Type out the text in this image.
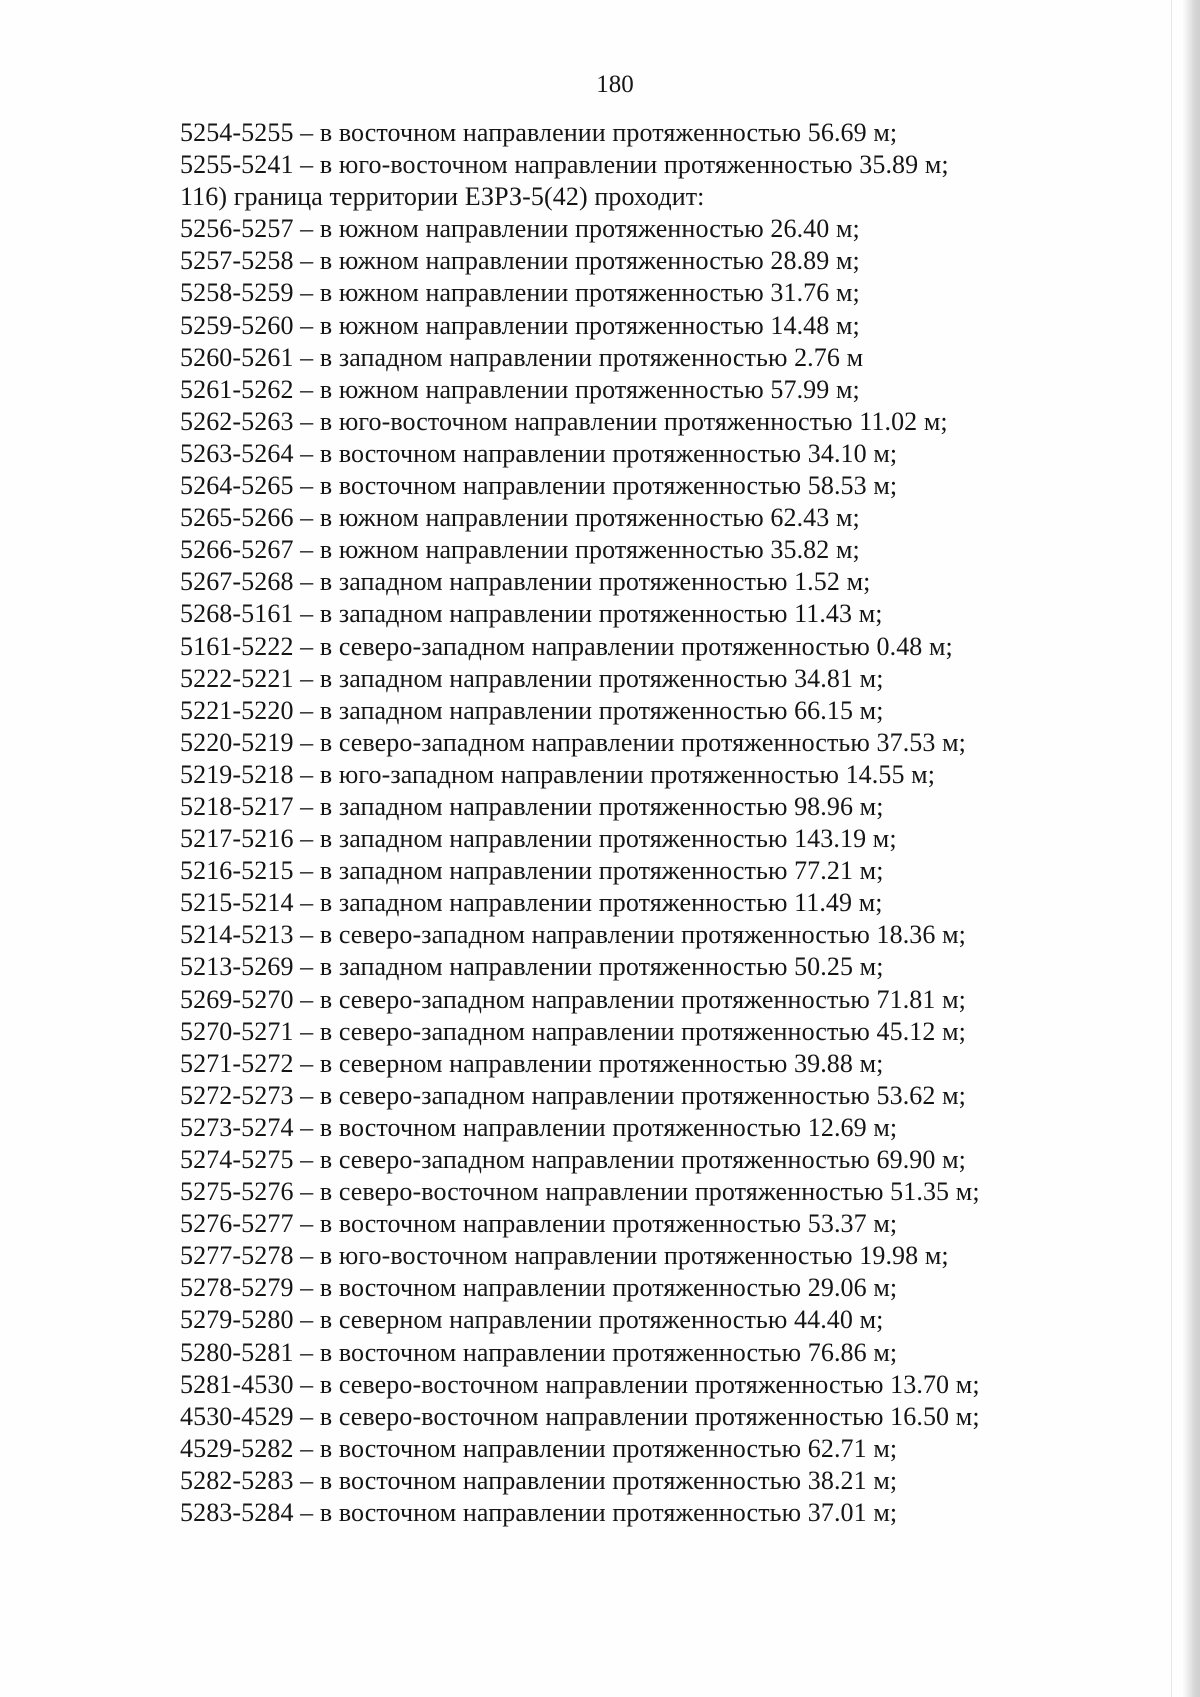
180
5254-5255 – в восточном направлении протяженностью 56.69 м;
5255-5241 – в юго-восточном направлении протяженностью 35.89 м;
116) граница территории ЕЗРЗ-5(42) проходит:
5256-5257 – в южном направлении протяженностью 26.40 м;
5257-5258 – в южном направлении протяженностью 28.89 м;
5258-5259 – в южном направлении протяженностью 31.76 м;
5259-5260 – в южном направлении протяженностью 14.48 м;
5260-5261 – в западном направлении протяженностью 2.76 м
5261-5262 – в южном направлении протяженностью 57.99 м;
5262-5263 – в юго-восточном направлении протяженностью 11.02 м;
5263-5264 – в восточном направлении протяженностью 34.10 м;
5264-5265 – в восточном направлении протяженностью 58.53 м;
5265-5266 – в южном направлении протяженностью 62.43 м;
5266-5267 – в южном направлении протяженностью 35.82 м;
5267-5268 – в западном направлении протяженностью 1.52 м;
5268-5161 – в западном направлении протяженностью 11.43 м;
5161-5222 – в северо-западном направлении протяженностью 0.48 м;
5222-5221 – в западном направлении протяженностью 34.81 м;
5221-5220 – в западном направлении протяженностью 66.15 м;
5220-5219 – в северо-западном направлении протяженностью 37.53 м;
5219-5218 – в юго-западном направлении протяженностью 14.55 м;
5218-5217 – в западном направлении протяженностью 98.96 м;
5217-5216 – в западном направлении протяженностью 143.19 м;
5216-5215 – в западном направлении протяженностью 77.21 м;
5215-5214 – в западном направлении протяженностью 11.49 м;
5214-5213 – в северо-западном направлении протяженностью 18.36 м;
5213-5269 – в западном направлении протяженностью 50.25 м;
5269-5270 – в северо-западном направлении протяженностью 71.81 м;
5270-5271 – в северо-западном направлении протяженностью 45.12 м;
5271-5272 – в северном направлении протяженностью 39.88 м;
5272-5273 – в северо-западном направлении протяженностью 53.62 м;
5273-5274 – в восточном направлении протяженностью 12.69 м;
5274-5275 – в северо-западном направлении протяженностью 69.90 м;
5275-5276 – в северо-восточном направлении протяженностью 51.35 м;
5276-5277 – в восточном направлении протяженностью 53.37 м;
5277-5278 – в юго-восточном направлении протяженностью 19.98 м;
5278-5279 – в восточном направлении протяженностью 29.06 м;
5279-5280 – в северном направлении протяженностью 44.40 м;
5280-5281 – в восточном направлении протяженностью 76.86 м;
5281-4530 – в северо-восточном направлении протяженностью 13.70 м;
4530-4529 – в северо-восточном направлении протяженностью 16.50 м;
4529-5282 – в восточном направлении протяженностью 62.71 м;
5282-5283 – в восточном направлении протяженностью 38.21 м;
5283-5284 – в восточном направлении протяженностью 37.01 м;
